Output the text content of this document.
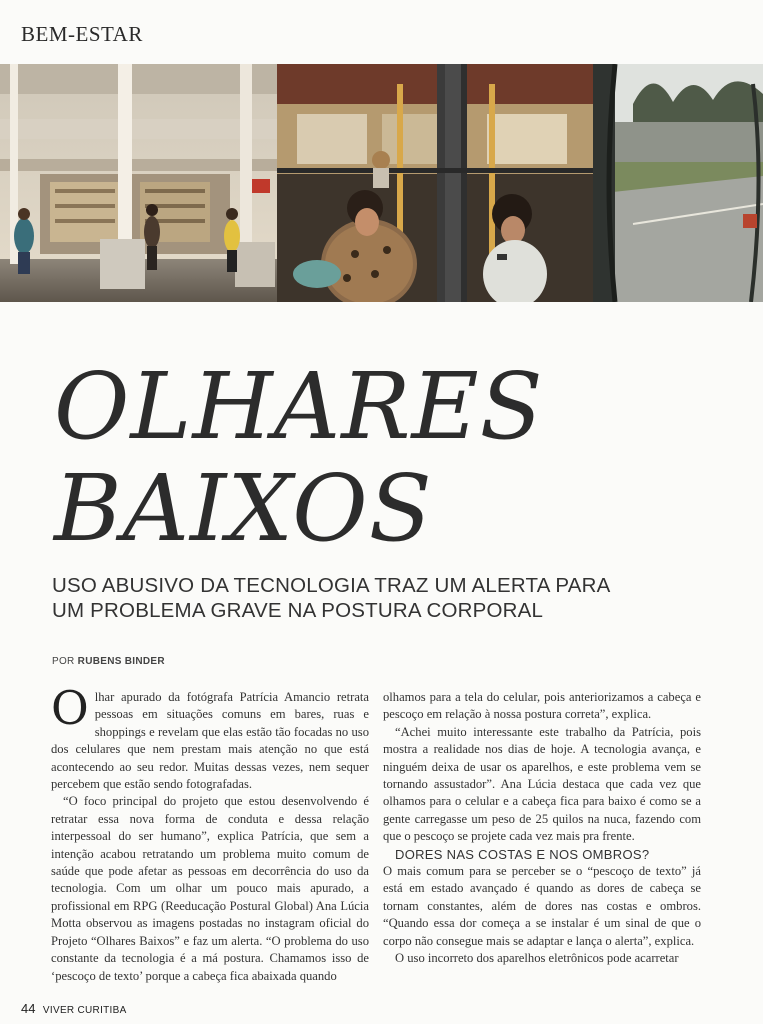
BEM-ESTAR
OLHARES
BAIXOS
USO ABUSIVO DA TECNOLOGIA TRAZ UM ALERTA PARA
UM PROBLEMA GRAVE NA POSTURA CORPORAL
POR RUBENS BINDER

Olhar apurado da fotógrafa Patrícia Amancio retrata pessoas em situações comuns em bares, ruas e shoppings e revelam que elas estão tão focadas no uso dos celulares que nem prestam mais atenção no que está acontecendo ao seu redor. Muitas dessas vezes, nem sequer percebem que estão sendo fotografadas.

“O foco principal do projeto que estou desenvolvendo é retratar essa nova forma de conduta e dessa relação interpessoal do ser humano”, explica Patrícia, que sem a intenção acabou retratando um problema muito comum de saúde que pode afetar as pessoas em decorrência do uso da tecnologia. Com um olhar um pouco mais apurado, a profissional em RPG (Reeducação Postural Global) Ana Lúcia Motta observou as imagens postadas no instagram oficial do Projeto “Olhares Baixos” e faz um alerta. “O problema do uso constante da tecnologia é a má postura. Chamamos isso de ‘pescoço de texto’ porque a cabeça fica abaixada quando

olhamos para a tela do celular, pois anteriorizamos a cabeça e pescoço em relação à nossa postura correta”, explica.

“Achei muito interessante este trabalho da Patrícia, pois mostra a realidade nos dias de hoje. A tecnologia avança, e ninguém deixa de usar os aparelhos, e este problema vem se tornando assustador”. Ana Lúcia destaca que cada vez que olhamos para o celular e a cabeça fica para baixo é como se a gente carregasse um peso de 25 quilos na nuca, fazendo com que o pescoço se projete cada vez mais pra frente.

DORES NAS COSTAS E NOS OMBROS?

O mais comum para se perceber se o “pescoço de texto” já está em estado avançado é quando as dores de cabeça se tornam constantes, além de dores nas costas e ombros. “Quando essa dor começa a se instalar é um sinal de que o corpo não consegue mais se adaptar e lança o alerta”, explica.

O uso incorreto dos aparelhos eletrônicos pode acarretar

44 VIVER CURITIBA
